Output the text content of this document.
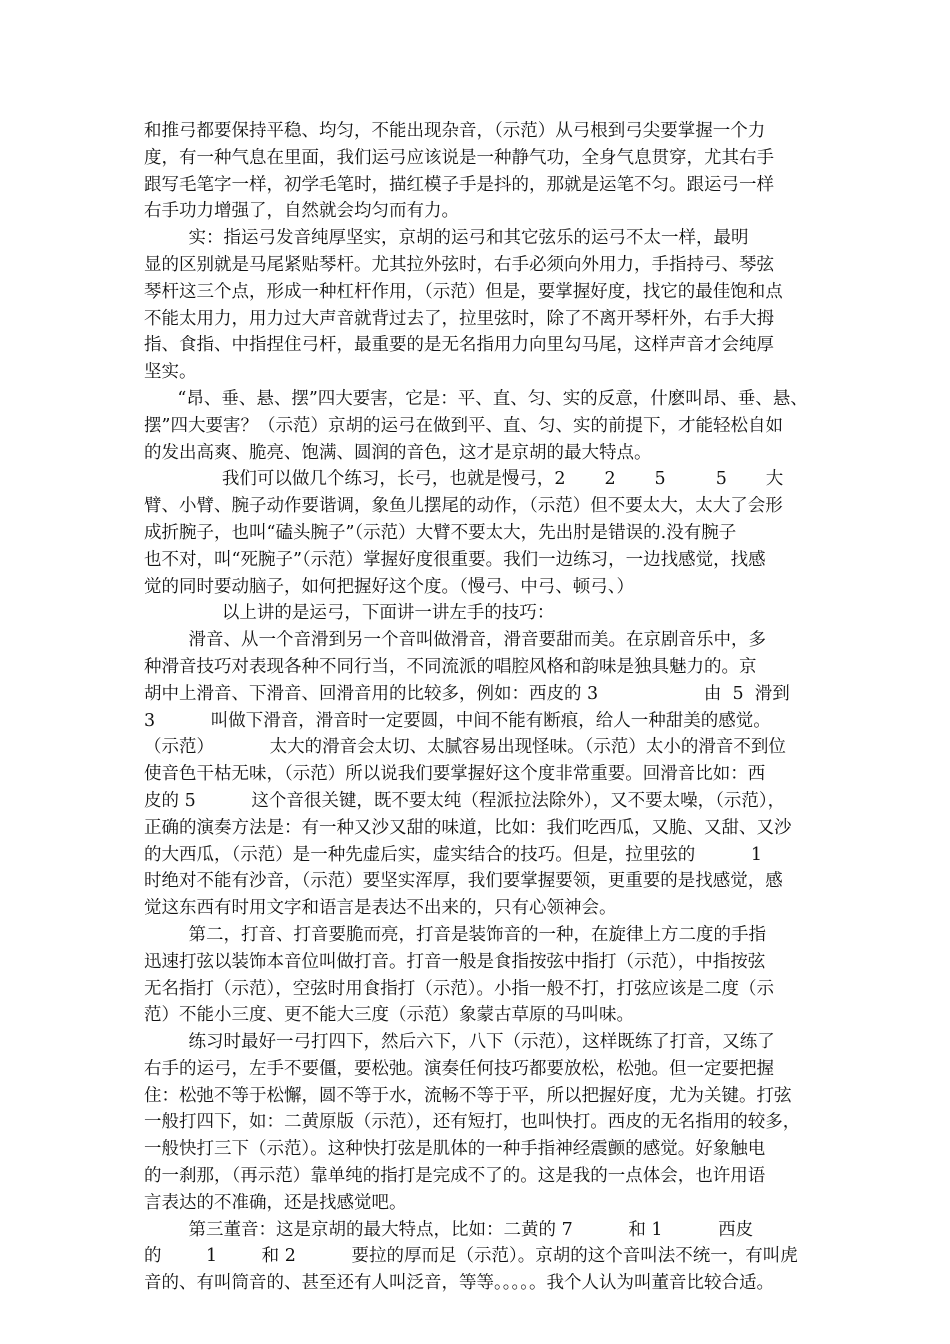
和推弓都要保持平稳、均匀，不能出现杂音，（示范）从弓根到弓尖要掌握一个力
度，有一种气息在里面，我们运弓应该说是一种静气功，全身气息贯穿，尤其右手
跟写毛笔字一样，初学毛笔时，描红模子手是抖的，那就是运笔不匀。跟运弓一样
右手功力增强了，自然就会均匀而有力。
实：指运弓发音纯厚坚实，京胡的运弓和其它弦乐的运弓不太一样，最明
显的区别就是马尾紧贴琴杆。尤其拉外弦时，右手必须向外用力，手指持弓、琴弦
琴杆这三个点，形成一种杠杆作用，（示范）但是，要掌握好度，找它的最佳饱和点
不能太用力，用力过大声音就背过去了，拉里弦时，除了不离开琴杆外，右手大拇
指、食指、中指捏住弓杆，最重要的是无名指用力向里勾马尾，这样声音才会纯厚
坚实。
“昂、垂、悬、摆”四大要害，它是：平、直、匀、实的反意，什麽叫昂、垂、悬、
摆”四大要害？（示范）京胡的运弓在做到平、直、匀、实的前提下，才能轻松自如
的发出高爽、脆亮、饱满、圆润的音色，这才是京胡的最大特点。
我们可以做几个练习，长弓，也就是慢弓，2       2       5         5       大
臂、小臂、腕子动作要谐调，象鱼儿摆尾的动作，（示范）但不要太大，太大了会形
成折腕子，也叫“磕头腕子”（示范）大臂不要太大，先出肘是错误的.没有腕子
也不对，叫“死腕子”（示范）掌握好度很重要。我们一边练习，一边找感觉，找感
觉的同时要动脑子，如何把握好这个度。（慢弓、中弓、顿弓、）
以上讲的是运弓，下面讲一讲左手的技巧：
滑音、从一个音滑到另一个音叫做滑音，滑音要甜而美。在京剧音乐中，多
种滑音技巧对表现各种不同行当，不同流派的唱腔风格和韵味是独具魅力的。京
胡中上滑音、下滑音、回滑音用的比较多，例如：西皮的 3                   由  5  滑到
3          叫做下滑音，滑音时一定要圆，中间不能有断痕，给人一种甜美的感觉。
（示范）          太大的滑音会太切、太腻容易出现怪味。（示范）太小的滑音不到位
使音色干枯无味，（示范）所以说我们要掌握好这个度非常重要。回滑音比如：西
皮的 5          这个音很关键，既不要太纯（程派拉法除外），又不要太噪，（示范），
正确的演奏方法是：有一种又沙又甜的味道，比如：我们吃西瓜，又脆、又甜、又沙
的大西瓜，（示范）是一种先虚后实，虚实结合的技巧。但是，拉里弦的          1
时绝对不能有沙音，（示范）要坚实浑厚，我们要掌握要领，更重要的是找感觉，感
觉这东西有时用文字和语言是表达不出来的，只有心领神会。
第二，打音、打音要脆而亮，打音是装饰音的一种，在旋律上方二度的手指
迅速打弦以装饰本音位叫做打音。打音一般是食指按弦中指打（示范），中指按弦
无名指打（示范），空弦时用食指打（示范）。小指一般不打，打弦应该是二度（示
范）不能小三度、更不能大三度（示范）象蒙古草原的马叫味。
练习时最好一弓打四下，然后六下，八下（示范），这样既练了打音，又练了
右手的运弓，左手不要僵，要松弛。演奏任何技巧都要放松，松弛。但一定要把握
住：松弛不等于松懈，圆不等于水，流畅不等于平，所以把握好度，尤为关键。打弦
一般打四下，如：二黄原版（示范），还有短打，也叫快打。西皮的无名指用的较多，
一般快打三下（示范）。这种快打弦是肌体的一种手指神经震颤的感觉。好象触电
的一刹那，（再示范）靠单纯的指打是完成不了的。这是我的一点体会，也许用语
言表达的不准确，还是找感觉吧。
第三董音：这是京胡的最大特点，比如：二黄的 7          和 1          西皮
的        1        和 2          要拉的厚而足（示范）。京胡的这个音叫法不统一，有叫虎
音的、有叫筒音的、甚至还有人叫泛音，等等。。。。。我个人认为叫董音比较合适。
